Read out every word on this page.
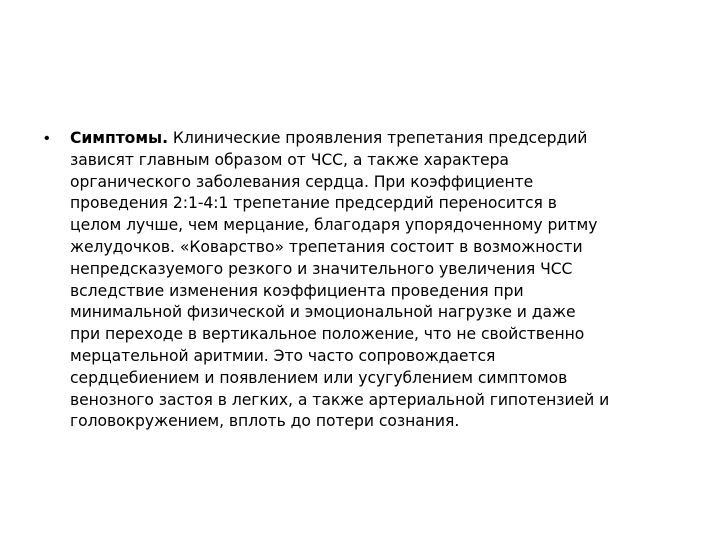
•	Симптомы. Клинические проявления трепетания предсердий
зависят главным образом от ЧСС, а также характера
органического заболевания сердца. При коэффициенте
проведения 2:1-4:1 трепетание предсердий переносится в
целом лучше, чем мерцание, благодаря упорядоченному ритму
желудочков. «Коварство» трепетания состоит в возможности
непредсказуемого резкого и значительного увеличения ЧСС
вследствие изменения коэффициента проведения при
минимальной физической и эмоциональной нагрузке и даже
при переходе в вертикальное положение, что не свойственно
мерцательной аритмии. Это часто сопровождается
сердцебиением и появлением или усугублением симптомов
венозного застоя в легких, а также артериальной гипотензией и
головокружением, вплоть до потери сознания.
